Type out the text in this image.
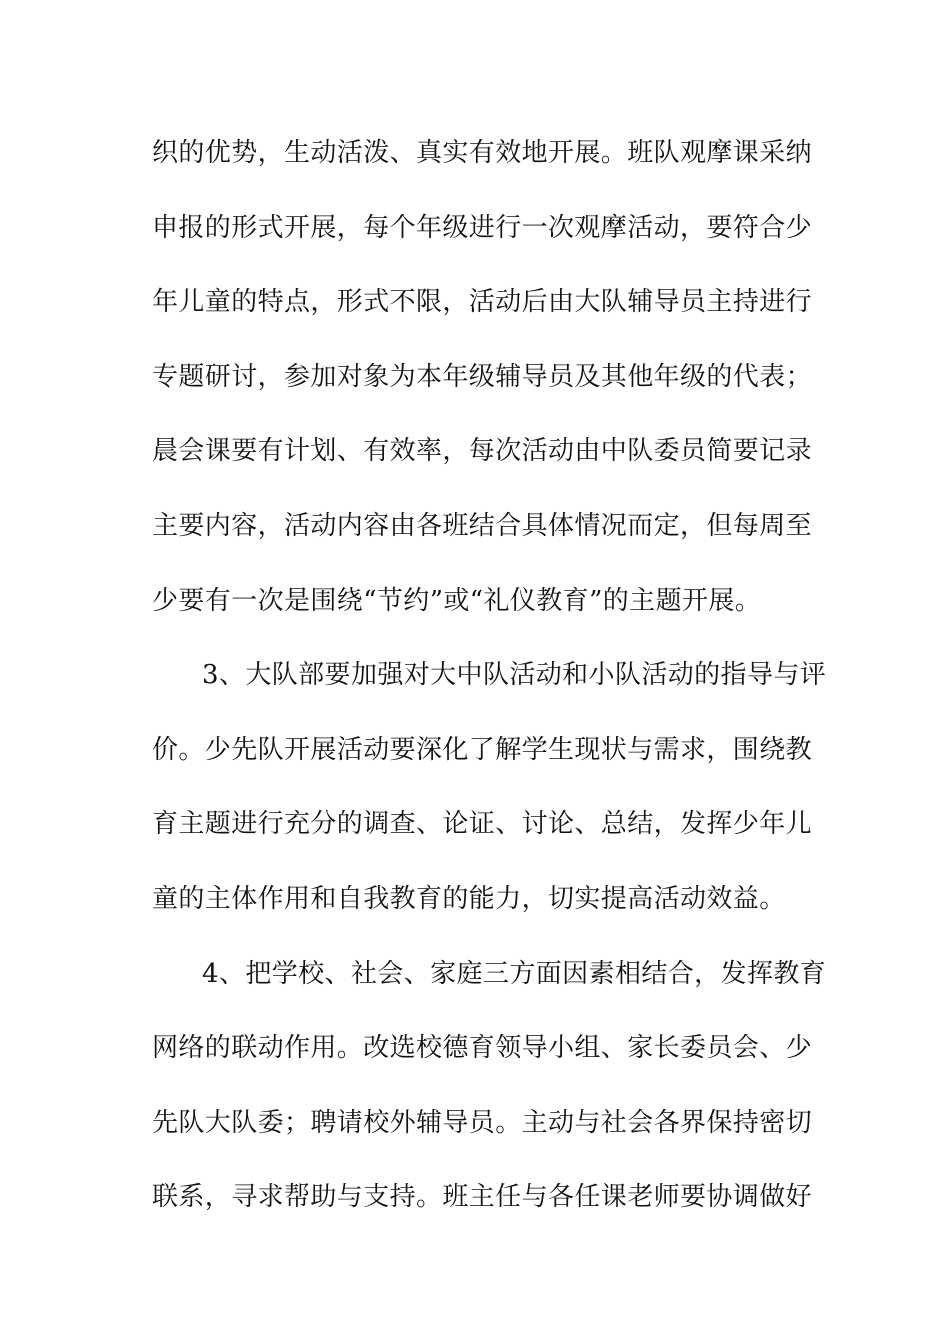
织的优势，生动活泼、真实有效地开展。班队观摩课采纳
申报的形式开展，每个年级进行一次观摩活动，要符合少
年儿童的特点，形式不限，活动后由大队辅导员主持进行
专题研讨，参加对象为本年级辅导员及其他年级的代表；
晨会课要有计划、有效率，每次活动由中队委员简要记录
主要内容，活动内容由各班结合具体情况而定，但每周至
少要有一次是围绕“节约”或“礼仪教育”的主题开展。
3、大队部要加强对大中队活动和小队活动的指导与评
价。少先队开展活动要深化了解学生现状与需求，围绕教
育主题进行充分的调查、论证、讨论、总结，发挥少年儿
童的主体作用和自我教育的能力，切实提高活动效益。
4、把学校、社会、家庭三方面因素相结合，发挥教育
网络的联动作用。改选校德育领导小组、家长委员会、少
先队大队委；聘请校外辅导员。主动与社会各界保持密切
联系，寻求帮助与支持。班主任与各任课老师要协调做好
